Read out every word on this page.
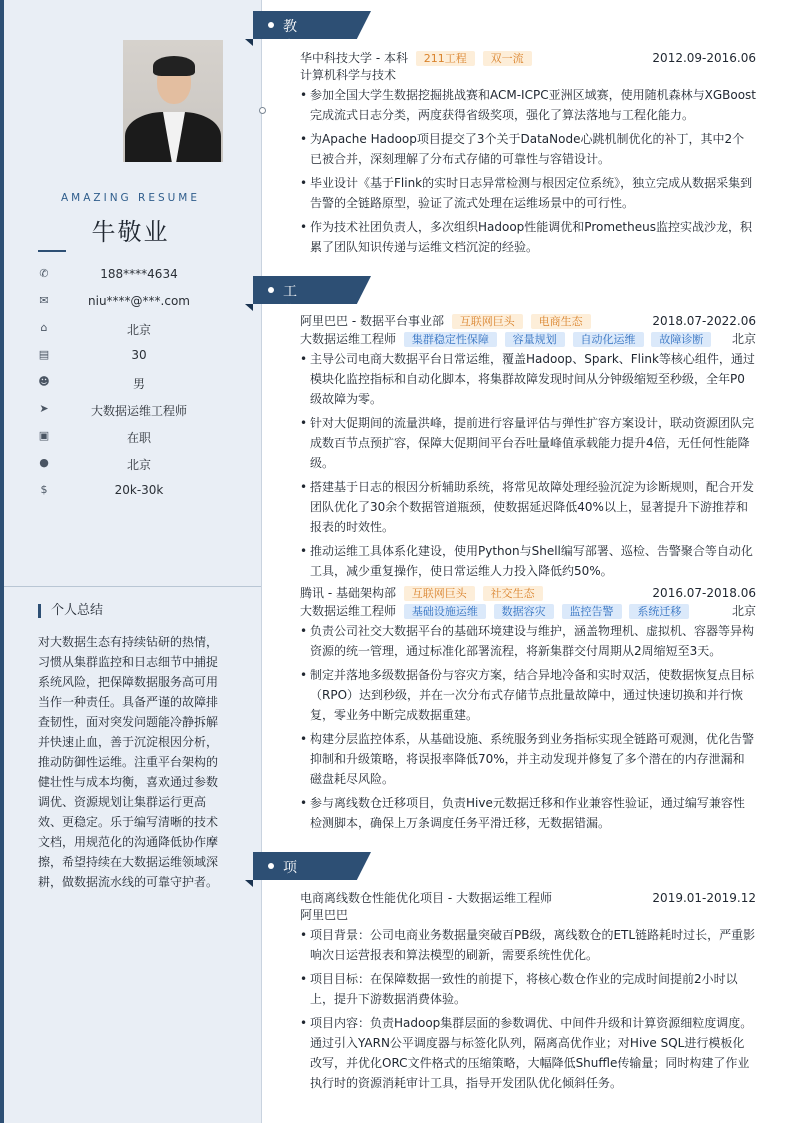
AMAZING RESUME
牛敬业
✆	188****4634
✉	niu****@***.com
⌂	北京
▤	30
☻	男
➤	大数据运维工程师
▣	在职
●	北京
$	20k-30k
个人总结
对大数据生态有持续钻研的热情，习惯从集群监控和日志细节中捕捉系统风险，把保障数据服务高可用当作一种责任。具备严谨的故障排查韧性，面对突发问题能冷静拆解并快速止血，善于沉淀根因分析，推动防御性运维。注重平台架构的健壮性与成本均衡，喜欢通过参数调优、资源规划让集群运行更高效、更稳定。乐于编写清晰的技术文档，用规范化的沟通降低协作摩擦，希望持续在大数据运维领域深耕，做数据流水线的可靠守护者。
教育经历
华中科技大学 - 本科 211工程 双一流	2012.09-2016.06
计算机科学与技术
• 参加全国大学生数据挖掘挑战赛和ACM-ICPC亚洲区域赛，使用随机森林与XGBoost完成流式日志分类，两度获得省级奖项，强化了算法落地与工程化能力。
• 为Apache Hadoop项目提交了3个关于DataNode心跳机制优化的补丁，其中2个已被合并，深刻理解了分布式存储的可靠性与容错设计。
• 毕业设计《基于Flink的实时日志异常检测与根因定位系统》，独立完成从数据采集到告警的全链路原型，验证了流式处理在运维场景中的可行性。
• 作为技术社团负责人，多次组织Hadoop性能调优和Prometheus监控实战沙龙，积累了团队知识传递与运维文档沉淀的经验。
工作经历
阿里巴巴 - 数据平台事业部 互联网巨头 电商生态	2018.07-2022.06
大数据运维工程师 集群稳定性保障 容量规划 自动化运维 故障诊断 北京
• 主导公司电商大数据平台日常运维，覆盖Hadoop、Spark、Flink等核心组件，通过模块化监控指标和自动化脚本，将集群故障发现时间从分钟级缩短至秒级，全年P0级故障为零。
• 针对大促期间的流量洪峰，提前进行容量评估与弹性扩容方案设计，联动资源团队完成数百节点预扩容，保障大促期间平台吞吐量峰值承载能力提升4倍，无任何性能降级。
• 搭建基于日志的根因分析辅助系统，将常见故障处理经验沉淀为诊断规则，配合开发团队优化了30余个数据管道瓶颈，使数据延迟降低40%以上，显著提升下游推荐和报表的时效性。
• 推动运维工具体系化建设，使用Python与Shell编写部署、巡检、告警聚合等自动化工具，减少重复操作，使日常运维人力投入降低约50%。
腾讯 - 基础架构部 互联网巨头 社交生态	2016.07-2018.06
大数据运维工程师 基础设施运维 数据容灾 监控告警 系统迁移	北京
• 负责公司社交大数据平台的基础环境建设与维护，涵盖物理机、虚拟机、容器等异构资源的统一管理，通过标准化部署流程，将新集群交付周期从2周缩短至3天。
• 制定并落地多级数据备份与容灾方案，结合异地冷备和实时双活，使数据恢复点目标（RPO）达到秒级，并在一次分布式存储节点批量故障中，通过快速切换和并行恢复，零业务中断完成数据重建。
• 构建分层监控体系，从基础设施、系统服务到业务指标实现全链路可观测，优化告警抑制和升级策略，将误报率降低70%，并主动发现并修复了多个潜在的内存泄漏和磁盘耗尽风险。
• 参与离线数仓迁移项目，负责Hive元数据迁移和作业兼容性验证，通过编写兼容性检测脚本，确保上万条调度任务平滑迁移，无数据错漏。
项目经历
电商离线数仓性能优化项目 - 大数据运维工程师	2019.01-2019.12
阿里巴巴
• 项目背景：公司电商业务数据量突破百PB级，离线数仓的ETL链路耗时过长，严重影响次日运营报表和算法模型的刷新，需要系统性优化。
• 项目目标：在保障数据一致性的前提下，将核心数仓作业的完成时间提前2小时以上，提升下游数据消费体验。
• 项目内容：负责Hadoop集群层面的参数调优、中间件升级和计算资源细粒度调度。通过引入YARN公平调度器与标签化队列，隔离高优作业；对Hive SQL进行模板化改写，并优化ORC文件格式的压缩策略，大幅降低Shuffle传输量；同时构建了作业执行时的资源消耗审计工具，指导开发团队优化倾斜任务。
